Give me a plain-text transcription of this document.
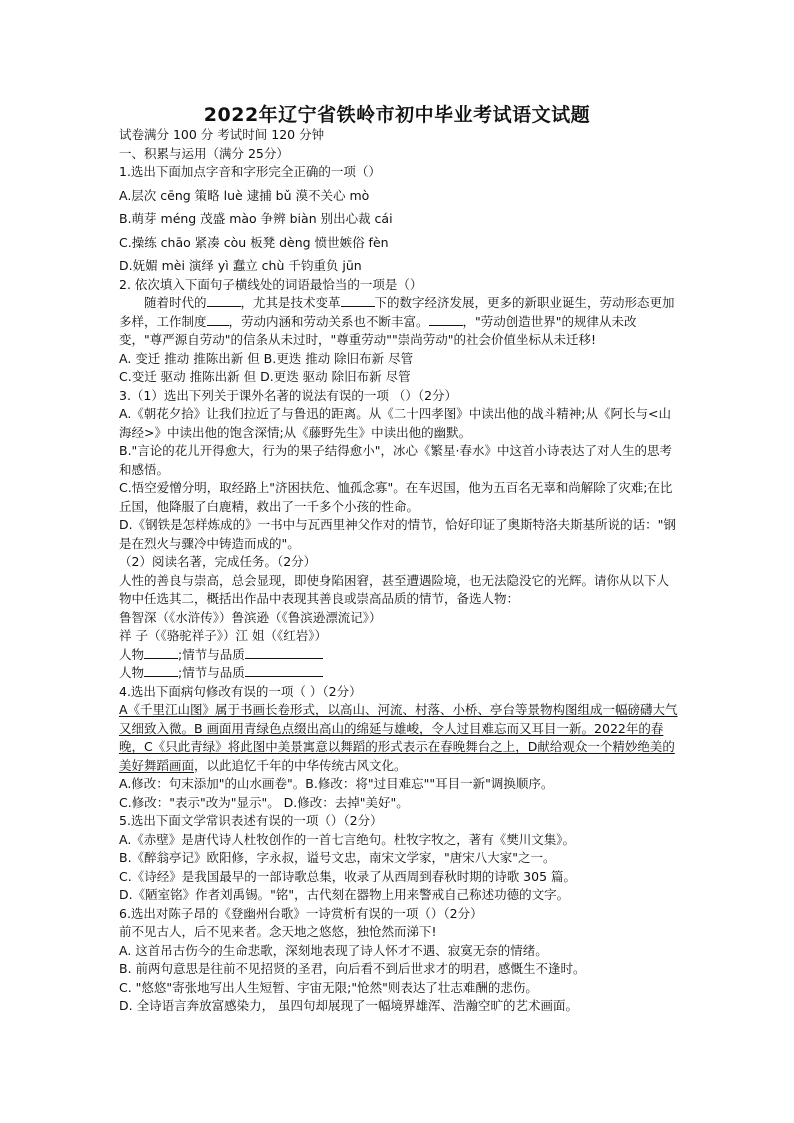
2022年辽宁省铁岭市初中毕业考试语文试题
试卷满分 100 分 考试时间 120 分钟
一、积累与运用（满分 25分）
1.选出下面加点字音和字形完全正确的一项（）
A.层次 cēng 策略 luè 逮捕 bǔ 漠不关心 mò
B.萌芽 méng 茂盛 mào 争辨 biàn 别出心裁 cái
C.操练 chāo 紧凑 còu 板凳 dèng 愤世嫉俗 fèn
D.妩媚 mèi 演绎 yì 蠢立 chù 千钧重负 jūn
2. 依次填入下面句子横线处的词语最恰当的一项是（）
随着时代的	，尤其是技术变革	下的数字经济发展，更多的新职业诞生，劳动形态更加多样，工作制度 ，劳动内涵和劳动关系也不断丰富。	，"劳动创造世界"的规律从未改变，"尊严源自劳动"的信条从未过时，"尊重劳动""崇尚劳动"的社会价值坐标从未迁移!
A. 变迁 推动 推陈出新 但 B.更迭 推动 除旧布新 尽管
C.变迁 驱动 推陈出新 但 D.更迭 驱动 除旧布新 尽管
3.（1）选出下列关于课外名著的说法有误的一项 （）（2分）
A.《朝花夕拾》让我们拉近了与鲁迅的距离。从《二十四孝图》中读出他的战斗精神;从《阿长与<山海经>》中读出他的饱含深情;从《藤野先生》中读出他的幽默。
B."言论的花儿开得愈大，行为的果子结得愈小"，冰心《繁星·春水》中这首小诗表达了对人生的思考和感悟。
C.悟空爱憎分明，取经路上"济困扶危、恤孤念寡"。在车迟国，他为五百名无辜和尚解除了灾难;在比丘国，他降服了白鹿精，救出了一千多个小孩的性命。
D.《钢铁是怎样炼成的》一书中与瓦西里神父作对的情节，恰好印证了奥斯特洛夫斯基所说的话："钢是在烈火与骤冷中铸造而成的"。
（2）阅读名著，完成任务。（2分）
人性的善良与崇高，总会显现，即使身陷困窘，甚至遭遇险境，也无法隐没它的光辉。请你从以下人物中任选其二，概括出作品中表现其善良或崇高品质的情节，备选人物：
鲁智深（《水浒传》）鲁滨逊（《鲁滨逊漂流记》）
祥 子（《骆驼祥子》）江 姐（《红岩》）
人物	;情节与品质
人物	;情节与品质
4.选出下面病句修改有误的一项（ ）（2分）
A《千里江山图》属于书画长卷形式，以高山、河流、村落、小桥、亭台等景物构图组成一幅磅礴大气又细致入微。B 画面用青绿色点缀出高山的绵延与雄峻，令人过目难忘而又耳目一新。2022年的春晚，C《只此青绿》将此图中美景寓意以舞蹈的形式表示在春晚舞台之上，D献给观众一个精妙绝美的美好舞蹈画面，以此追忆千年的中华传统古风文化。
A.修改：句末添加"的山水画卷"。B.修改：将"过目难忘""耳目一新"调换顺序。
C.修改："表示"改为"显示"。 D.修改：去掉"美好"。
5.选出下面文学常识表述有误的一项（）（2分）
A.《赤壁》是唐代诗人杜牧创作的一首七言绝句。杜牧字牧之，著有《樊川文集》。
B.《醉翁亭记》欧阳修，字永叔，谥号文忠，南宋文学家，"唐宋八大家"之一。
C.《诗经》是我国最早的一部诗歌总集，收录了从西周到春秋时期的诗歌 305 篇。
D.《陋室铭》作者刘禹锡。"铭"，古代刻在器物上用来警戒自己称述功德的文字。
6.选出对陈子昂的《登幽州台歌》一诗赏析有误的一项（）（2分）
前不见古人，后不见来者。念天地之悠悠，独怆然而涕下!
A. 这首吊古伤今的生命悲歌，深刻地表现了诗人怀才不遇、寂寞无奈的情绪。
B. 前两句意思是往前不见招贤的圣君，向后看不到后世求才的明君，感慨生不逢时。
C. "悠悠"寄张地写出人生短暂、宇宙无限;"怆然"则表达了壮志难酬的悲伤。
D. 全诗语言奔放富感染力， 虽四句却展现了一幅境界雄浑、浩瀚空旷的艺术画面。
